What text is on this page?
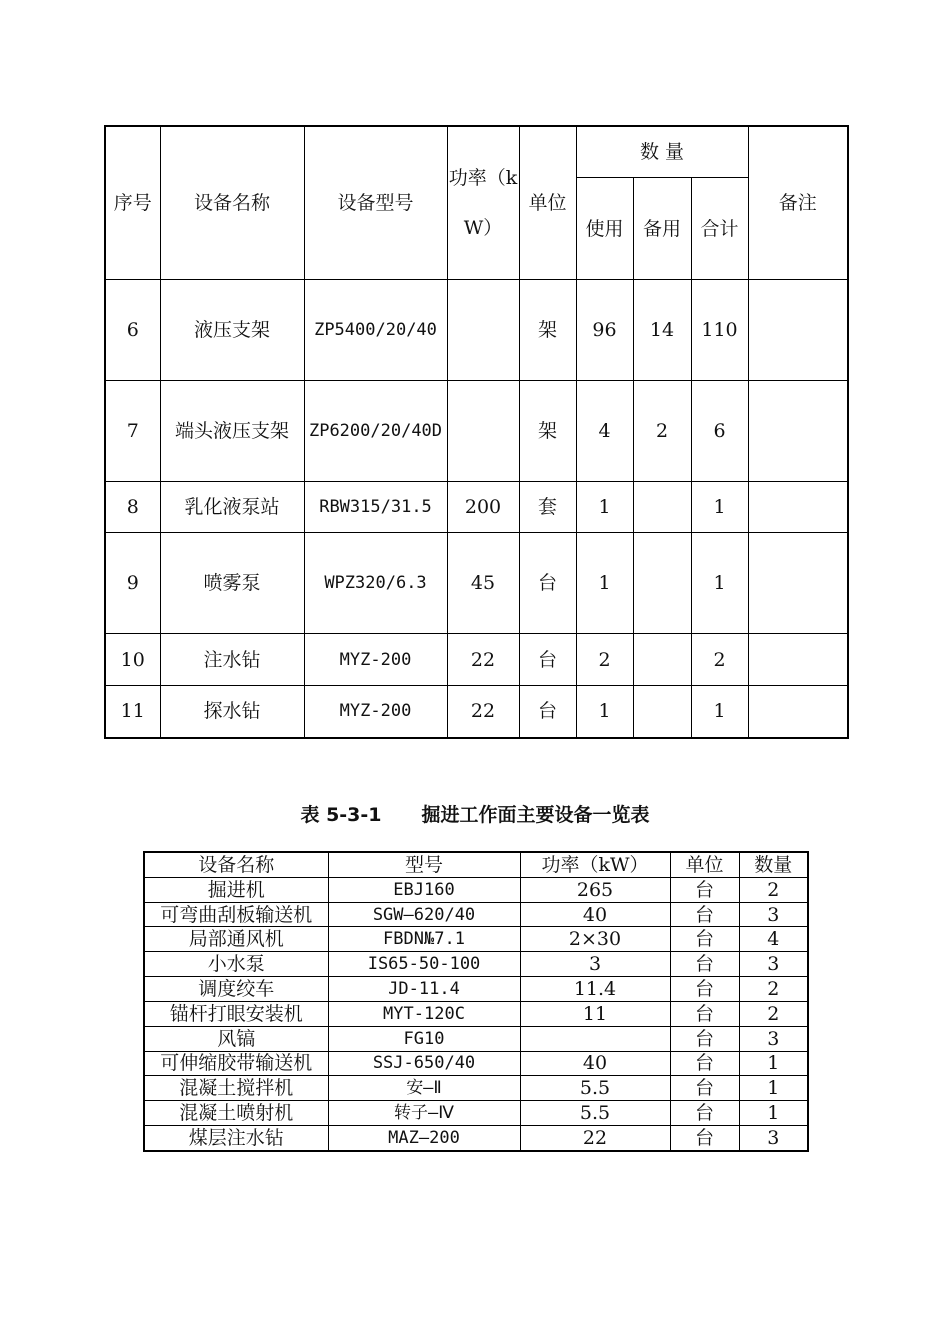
序号	设备名称	设备型号	功率（kW）	单位	数 量			备注
					使用	备用	合计	
6	液压支架	ZP5400/20/40		架	96	14	110	
7	端头液压支架	ZP6200/20/40D		架	4	2	6	
8	乳化液泵站	RBW315/31.5	200	套	1		1	
9	喷雾泵	WPZ320/6.3	45	台	1		1	
10	注水钻	MYZ-200	22	台	2		2	
11	探水钻	MYZ-200	22	台	1		1	
表 5-3-1 掘进工作面主要设备一览表
设备名称	型号	功率（kW）	单位	数量
掘进机	EBJ160	265	台	2
可弯曲刮板输送机	SGW—620/40	40	台	3
局部通风机	FBDN№7.1	2×30	台	4
小水泵	IS65-50-100	3	台	3
调度绞车	JD-11.4	11.4	台	2
锚杆打眼安装机	MYT-120C	11	台	2
风镐	FG10		台	3
可伸缩胶带输送机	SSJ-650/40	40	台	1
混凝土搅拌机	安—Ⅱ	5.5	台	1
混凝土喷射机	转子—Ⅳ	5.5	台	1
煤层注水钻	MAZ—200	22	台	3
